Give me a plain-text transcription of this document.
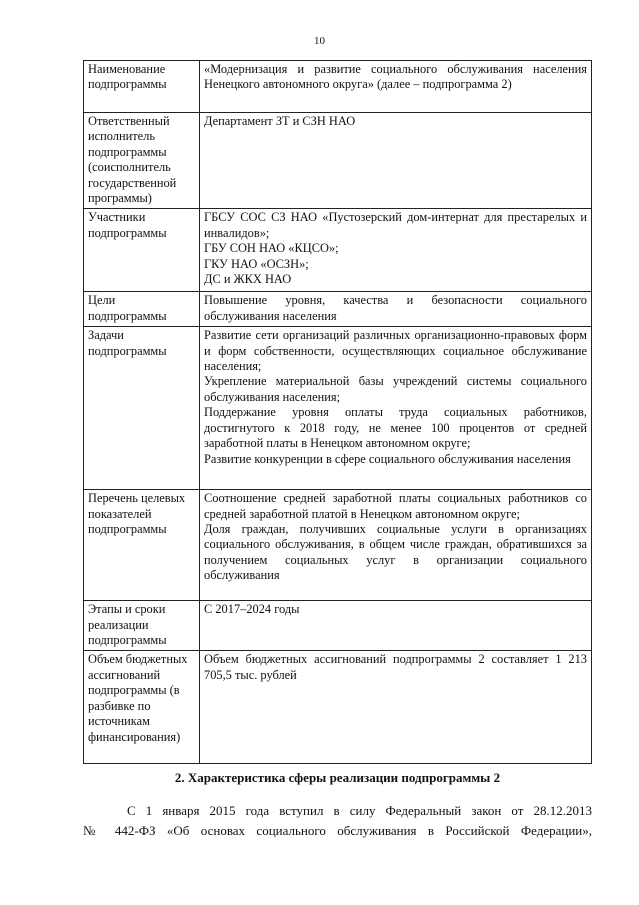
10
Наименование подпрограммы	«Модернизация и развитие социального обслуживания населения Ненецкого автономного округа» (далее – подпрограмма 2)

Ответственный исполнитель подпрограммы (соисполнитель государственной программы)	Департамент ЗТ и СЗН НАО

Участники подпрограммы	ГБСУ СОС СЗ НАО «Пустозерский дом-интернат для престарелых и инвалидов»;
ГБУ СОН НАО «КЦСО»;
ГКУ НАО «ОСЗН»;
ДС и ЖКХ НАО

Цели подпрограммы	Повышение уровня, качества и безопасности социального обслуживания населения

Задачи подпрограммы	Развитие сети организаций различных организационно-правовых форм и форм собственности, осуществляющих социальное обслуживание населения;
Укрепление материальной базы учреждений системы социального обслуживания населения;
Поддержание уровня оплаты труда социальных работников, достигнутого к 2018 году, не менее 100 процентов от средней заработной платы в Ненецком автономном округе;
Развитие конкуренции в сфере социального обслуживания населения

Перечень целевых показателей подпрограммы	Соотношение средней заработной платы социальных работников со средней заработной платой в Ненецком автономном округе;
Доля граждан, получивших социальные услуги в организациях социального обслуживания, в общем числе граждан, обратившихся за получением социальных услуг в организации социального обслуживания

Этапы и сроки реализации подпрограммы	С 2017–2024 годы

Объем бюджетных ассигнований подпрограммы (в разбивке по источникам финансирования)	Объем бюджетных ассигнований подпрограммы 2 составляет 1 213 705,5 тыс. рублей
2. Характеристика сферы реализации подпрограммы 2
С 1 января 2015 года вступил в силу Федеральный закон от 28.12.2013
№ 442-ФЗ «Об основах социального обслуживания в Российской Федерации»,
